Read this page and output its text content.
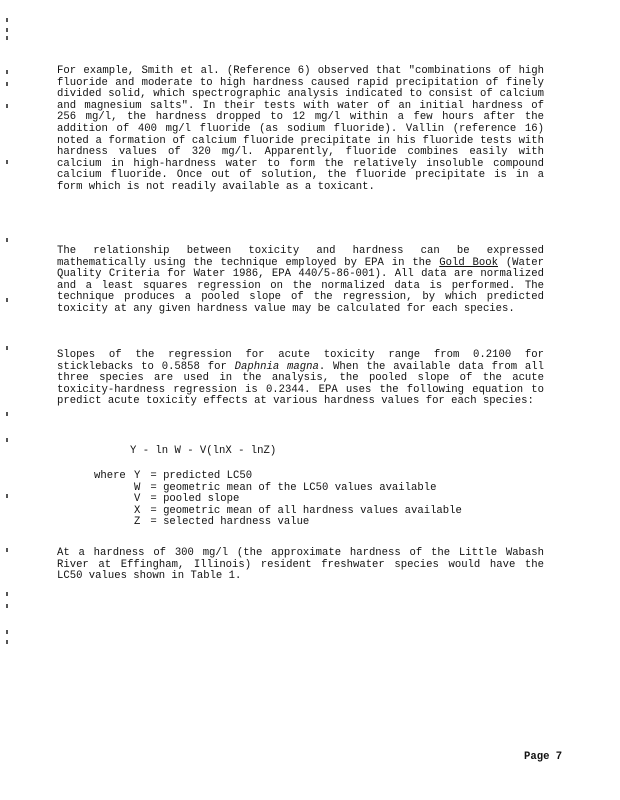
For example, Smith et al. (Reference 6) observed that "combinations of high fluoride and moderate to high hardness caused rapid precipitation of finely divided solid, which spectrographic analysis indicated to consist of calcium and magnesium salts". In their tests with water of an initial hardness of 256 mg/l, the hardness dropped to 12 mg/l within a few hours after the addition of 400 mg/l fluoride (as sodium fluoride). Vallin (reference 16) noted a formation of calcium fluoride precipitate in his fluoride tests with hardness values of 320 mg/l. Apparently, fluoride combines easily with calcium in high-hardness water to form the relatively insoluble compound calcium fluoride. Once out of solution, the fluoride precipitate is in a form which is not readily available as a toxicant.

The relationship between toxicity and hardness can be expressed mathematically using the technique employed by EPA in the Gold Book (Water Quality Criteria for Water 1986, EPA 440/5-86-001). All data are normalized and a least squares regression on the normalized data is performed. The technique produces a pooled slope of the regression, by which predicted toxicity at any given hardness value may be calculated for each species.

Slopes of the regression for acute toxicity range from 0.2100 for sticklebacks to 0.5858 for Daphnia magna. When the available data from all three species are used in the analysis, the pooled slope of the acute toxicity-hardness regression is 0.2344. EPA uses the following equation to predict acute toxicity effects at various hardness values for each species:

Y - ln W - V(lnX - lnZ)
where Y = predicted LC50
W = geometric mean of the LC50 values available
V = pooled slope
X = geometric mean of all hardness values available
Z = selected hardness value

At a hardness of 300 mg/l (the approximate hardness of the Little Wabash River at Effingham, Illinois) resident freshwater species would have the LC50 values shown in Table 1.

Page 7
